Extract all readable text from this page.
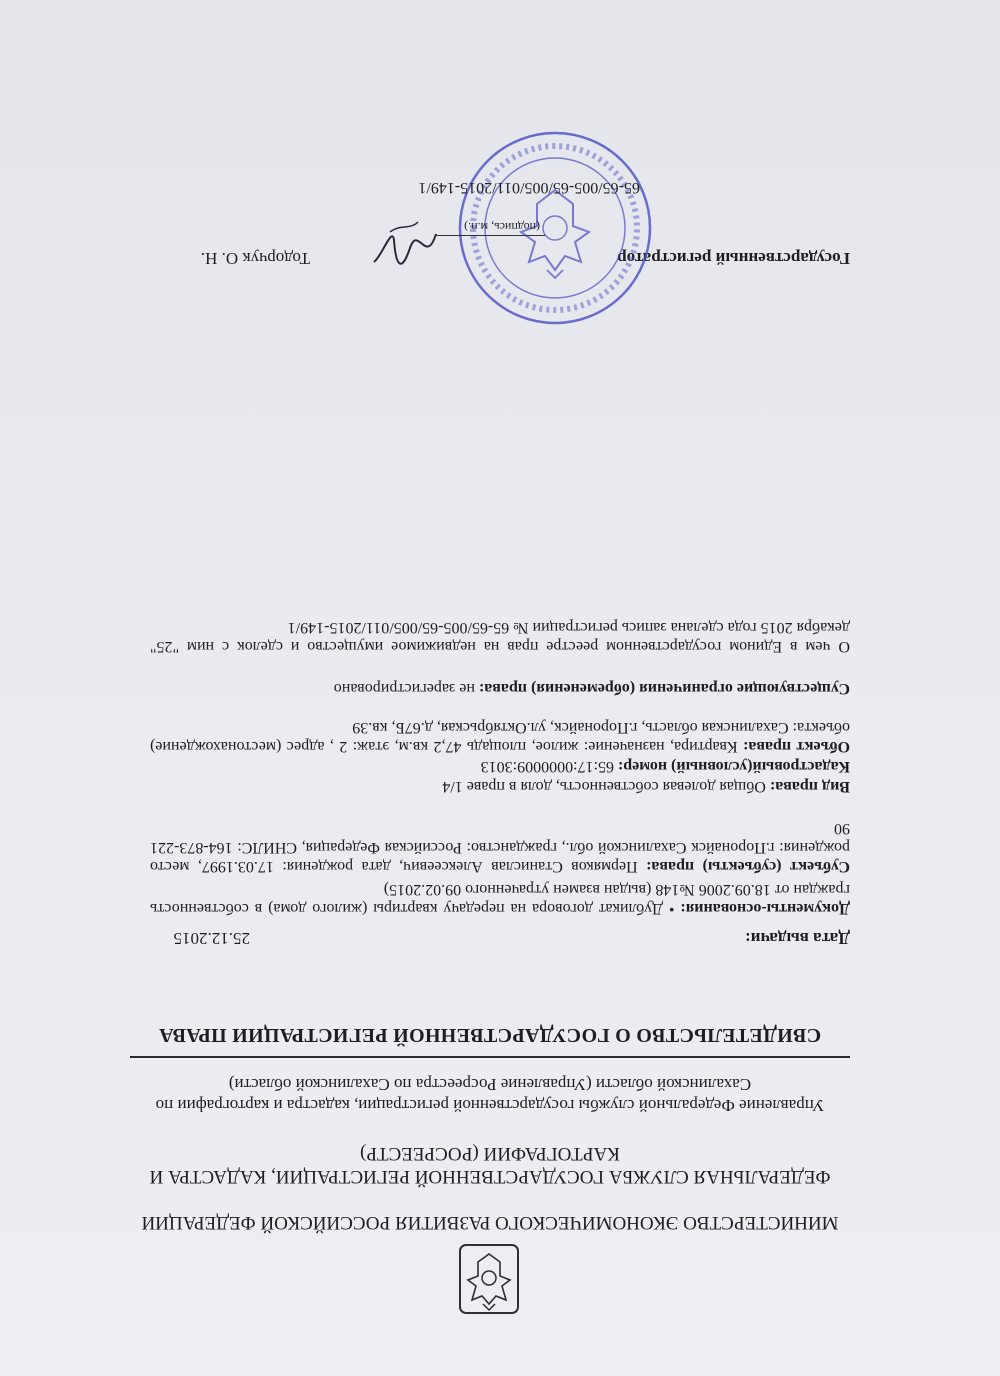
МИНИСТЕРСТВО ЭКОНОМИЧЕСКОГО РАЗВИТИЯ РОССИЙСКОЙ ФЕДЕРАЦИИ
ФЕДЕРАЛЬНАЯ СЛУЖБА ГОСУДАРСТВЕННОЙ РЕГИСТРАЦИИ, КАДАСТРА И КАРТОГРАФИИ (РОСРЕЕСТР)
Управление Федеральной службы государственной регистрации, кадастра и картографии по Сахалинской области (Управление Росреестра по Сахалинской области)
СВИДЕТЕЛЬСТВО О ГОСУДАРСТВЕННОЙ РЕГИСТРАЦИИ ПРАВА
Дата выдачи:
25.12.2015
Документы-основания: • Дубликат договора на передачу квартиры (жилого дома) в собственность граждан от 18.09.2006 №148 (выдан взамен утраченного 09.02.2015)
Субъект (субъекты) права: Пермяков Станислав Алексеевич, дата рождения: 17.03.1997, место рождения: г.Поронайск Сахалинской обл., гражданство: Российская Федерация, СНИЛС: 164-873-221 90
Вид права: Общая долевая собственность, доля в праве 1/4
Кадастровый(условный) номер: 65:17:0000009:3013
Объект права: Квартира, назначение: жилое, площадь 47,2 кв.м, этаж: 2 , адрес (местонахождение) объекта: Сахалинская область, г.Поронайск, ул.Октябрьская, д.67Б, кв.39
Существующие ограничения (обременения) права: не зарегистрировано
О чем в Едином государственном реестре прав на недвижимое имущество и сделок с ним "25" декабря 2015 года сделана запись регистрации № 65-65/005-65/005/011/2015-149/1
Государственный регистратор
(подпись, м.п.)
Тодорчук О. Н.
65-65/005-65/005/011/2015-149/1
